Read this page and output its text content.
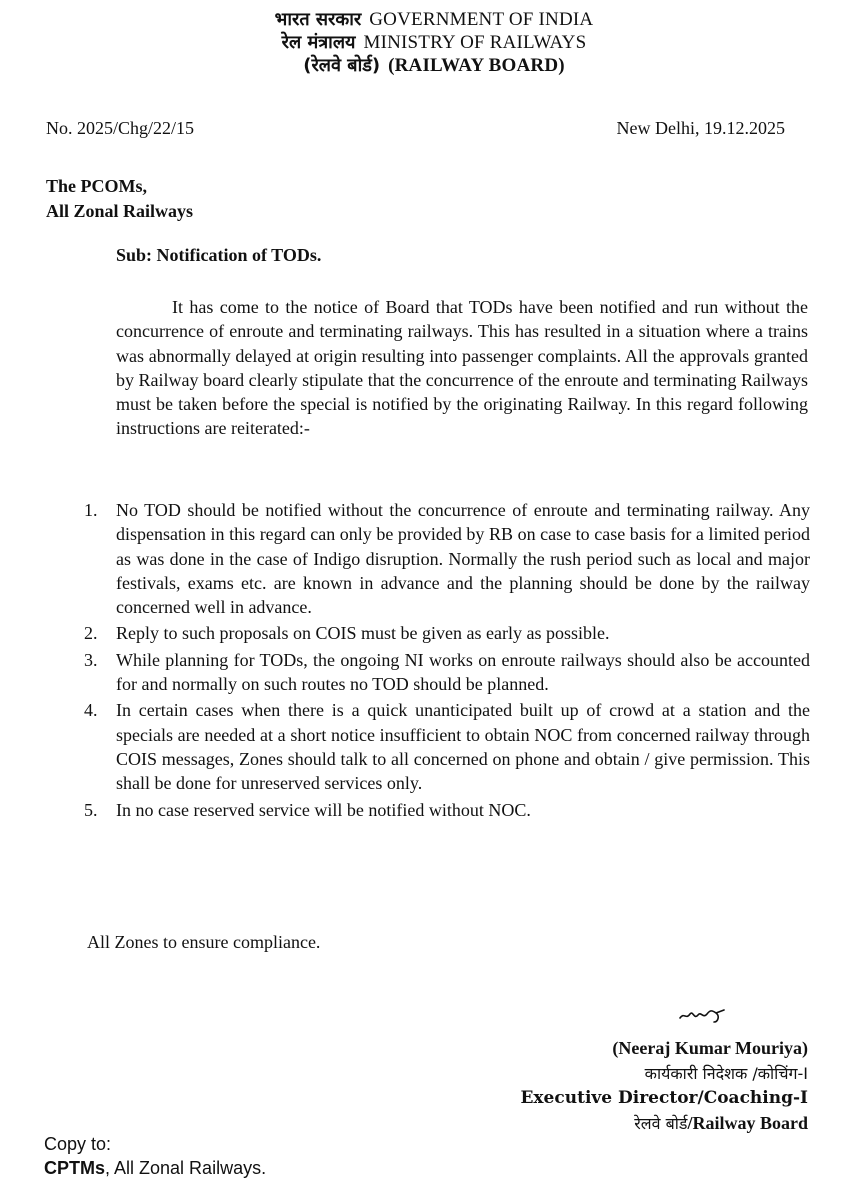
भारत सरकार GOVERNMENT OF INDIA
रेल मंत्रालय MINISTRY OF RAILWAYS
(रेलवे बोर्ड) (RAILWAY BOARD)
No. 2025/Chg/22/15	New Delhi, 19.12.2025
The PCOMs,
All Zonal Railways
Sub: Notification of TODs.

It has come to the notice of Board that TODs have been notified and run without the concurrence of enroute and terminating railways. This has resulted in a situation where a trains was abnormally delayed at origin resulting into passenger complaints. All the approvals granted by Railway board clearly stipulate that the concurrence of the enroute and terminating Railways must be taken before the special is notified by the originating Railway. In this regard following instructions are reiterated:-

1. No TOD should be notified without the concurrence of enroute and terminating railway. Any dispensation in this regard can only be provided by RB on case to case basis for a limited period as was done in the case of Indigo disruption. Normally the rush period such as local and major festivals, exams etc. are known in advance and the planning should be done by the railway concerned well in advance.
2. Reply to such proposals on COIS must be given as early as possible.
3. While planning for TODs, the ongoing NI works on enroute railways should also be accounted for and normally on such routes no TOD should be planned.
4. In certain cases when there is a quick unanticipated built up of crowd at a station and the specials are needed at a short notice insufficient to obtain NOC from concerned railway through COIS messages, Zones should talk to all concerned on phone and obtain / give permission. This shall be done for unreserved services only.
5. In no case reserved service will be notified without NOC.
All Zones to ensure compliance.
(Neeraj Kumar Mouriya)
कार्यकारी निदेशक /कोचिंग-I
Executive Director/Coaching-I
रेलवे बोर्ड/Railway Board
Copy to:
CPTMs, All Zonal Railways.
